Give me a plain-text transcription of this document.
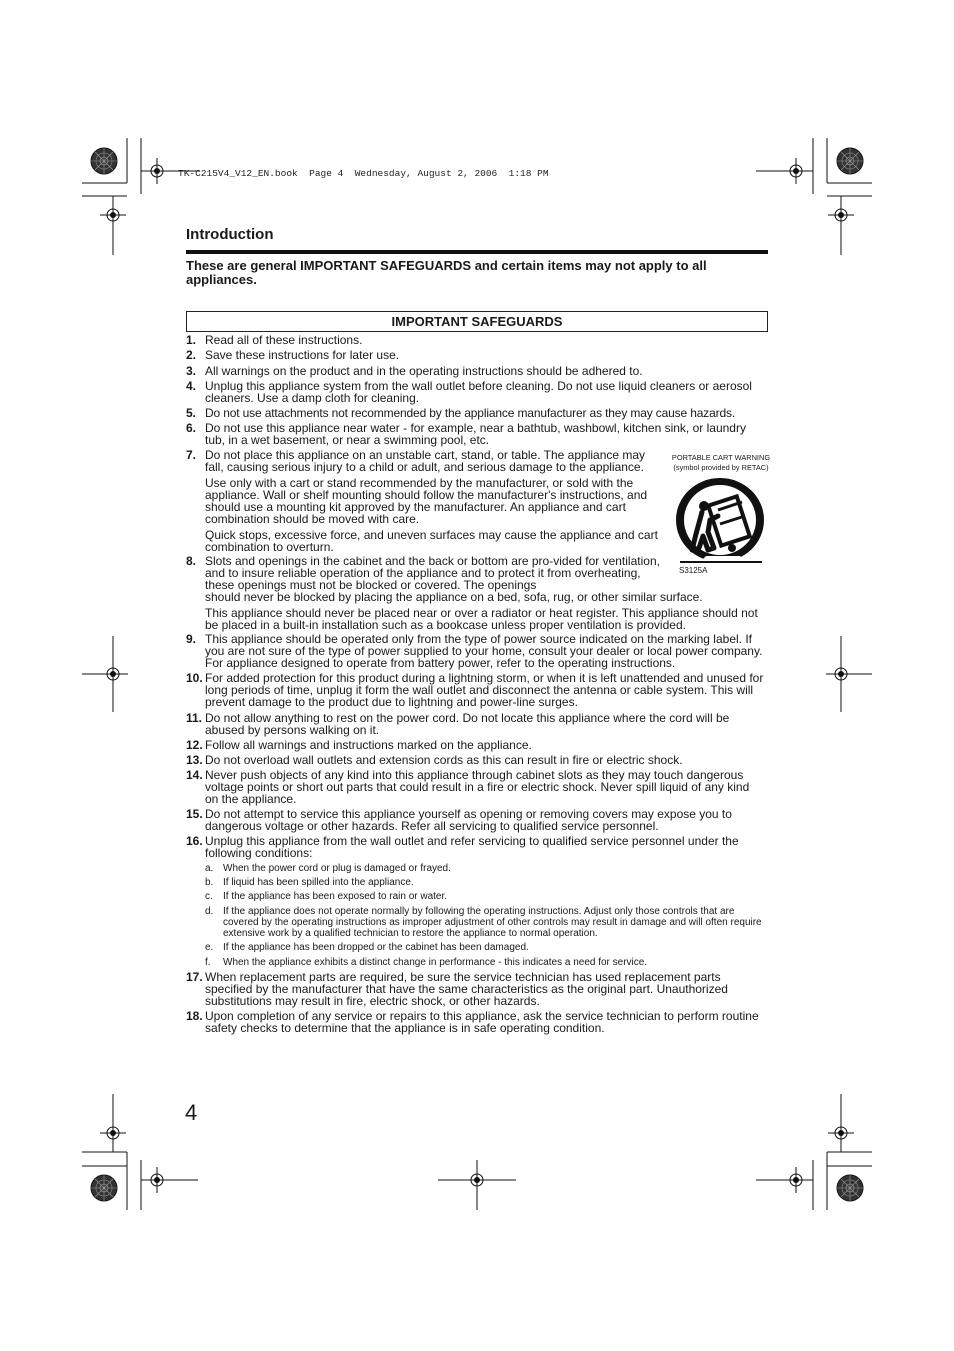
TK-C215V4_V12_EN.book  Page 4  Wednesday, August 2, 2006  1:18 PM
Introduction
These are general IMPORTANT SAFEGUARDS and certain items may not apply to all appliances.
IMPORTANT SAFEGUARDS
1. Read all of these instructions.
2. Save these instructions for later use.
3. All warnings on the product and in the operating instructions should be adhered to.
4. Unplug this appliance system from the wall outlet before cleaning. Do not use liquid cleaners or aerosol cleaners. Use a damp cloth for cleaning.
5. Do not use attachments not recommended by the appliance manufacturer as they may cause hazards.
6. Do not use this appliance near water - for example, near a bathtub, washbowl, kitchen sink, or laundry tub, in a wet basement, or near a swimming pool, etc.
7. Do not place this appliance on an unstable cart, stand, or table. The appliance may fall, causing serious injury to a child or adult, and serious damage to the appliance.
Use only with a cart or stand recommended by the manufacturer, or sold with the appliance. Wall or shelf mounting should follow the manufacturer's instructions, and should use a mounting kit approved by the manufacturer. An appliance and cart combination should be moved with care.
Quick stops, excessive force, and uneven surfaces may cause the appliance and cart combination to overturn.
8. Slots and openings in the cabinet and the back or bottom are pro-vided for ventilation, and to insure reliable operation of the appliance and to protect it from overheating, these openings must not be blocked or covered. The openings
should never be blocked by placing the appliance on a bed, sofa, rug, or other similar surface.
This appliance should never be placed near or over a radiator or heat register. This appliance should not be placed in a built-in installation such as a bookcase unless proper ventilation is provided.
9. This appliance should be operated only from the type of power source indicated on the marking label. If you are not sure of the type of power supplied to your home, consult your dealer or local power company. For appliance designed to operate from battery power, refer to the operating instructions.
10. For added protection for this product during a lightning storm, or when it is left unattended and unused for long periods of time, unplug it form the wall outlet and disconnect the antenna or cable system. This will prevent damage to the product due to lightning and power-line surges.
11. Do not allow anything to rest on the power cord. Do not locate this appliance where the cord will be abused by persons walking on it.
12. Follow all warnings and instructions marked on the appliance.
13. Do not overload wall outlets and extension cords as this can result in fire or electric shock.
14. Never push objects of any kind into this appliance through cabinet slots as they may touch dangerous voltage points or short out parts that could result in a fire or electric shock. Never spill liquid of any kind on the appliance.
15. Do not attempt to service this appliance yourself as opening or removing covers may expose you to dangerous voltage or other hazards. Refer all servicing to qualified service personnel.
16. Unplug this appliance from the wall outlet and refer servicing to qualified service personnel under the following conditions:
a. When the power cord or plug is damaged or frayed.
b. If liquid has been spilled into the appliance.
c. If the appliance has been exposed to rain or water.
d. If the appliance does not operate normally by following the operating instructions. Adjust only those controls that are covered by the operating instructions as improper adjustment of other controls may result in damage and will often require extensive work by a qualified technician to restore the appliance to normal operation.
e. If the appliance has been dropped or the cabinet has been damaged.
f. When the appliance exhibits a distinct change in performance - this indicates a need for service.
17. When replacement parts are required, be sure the service technician has used replacement parts specified by the manufacturer that have the same characteristics as the original part. Unauthorized substitutions may result in fire, electric shock, or other hazards.
18. Upon completion of any service or repairs to this appliance, ask the service technician to perform routine safety checks to determine that the appliance is in safe operating condition.
PORTABLE CART WARNING
(symbol provided by RETAC)
S3125A
4
